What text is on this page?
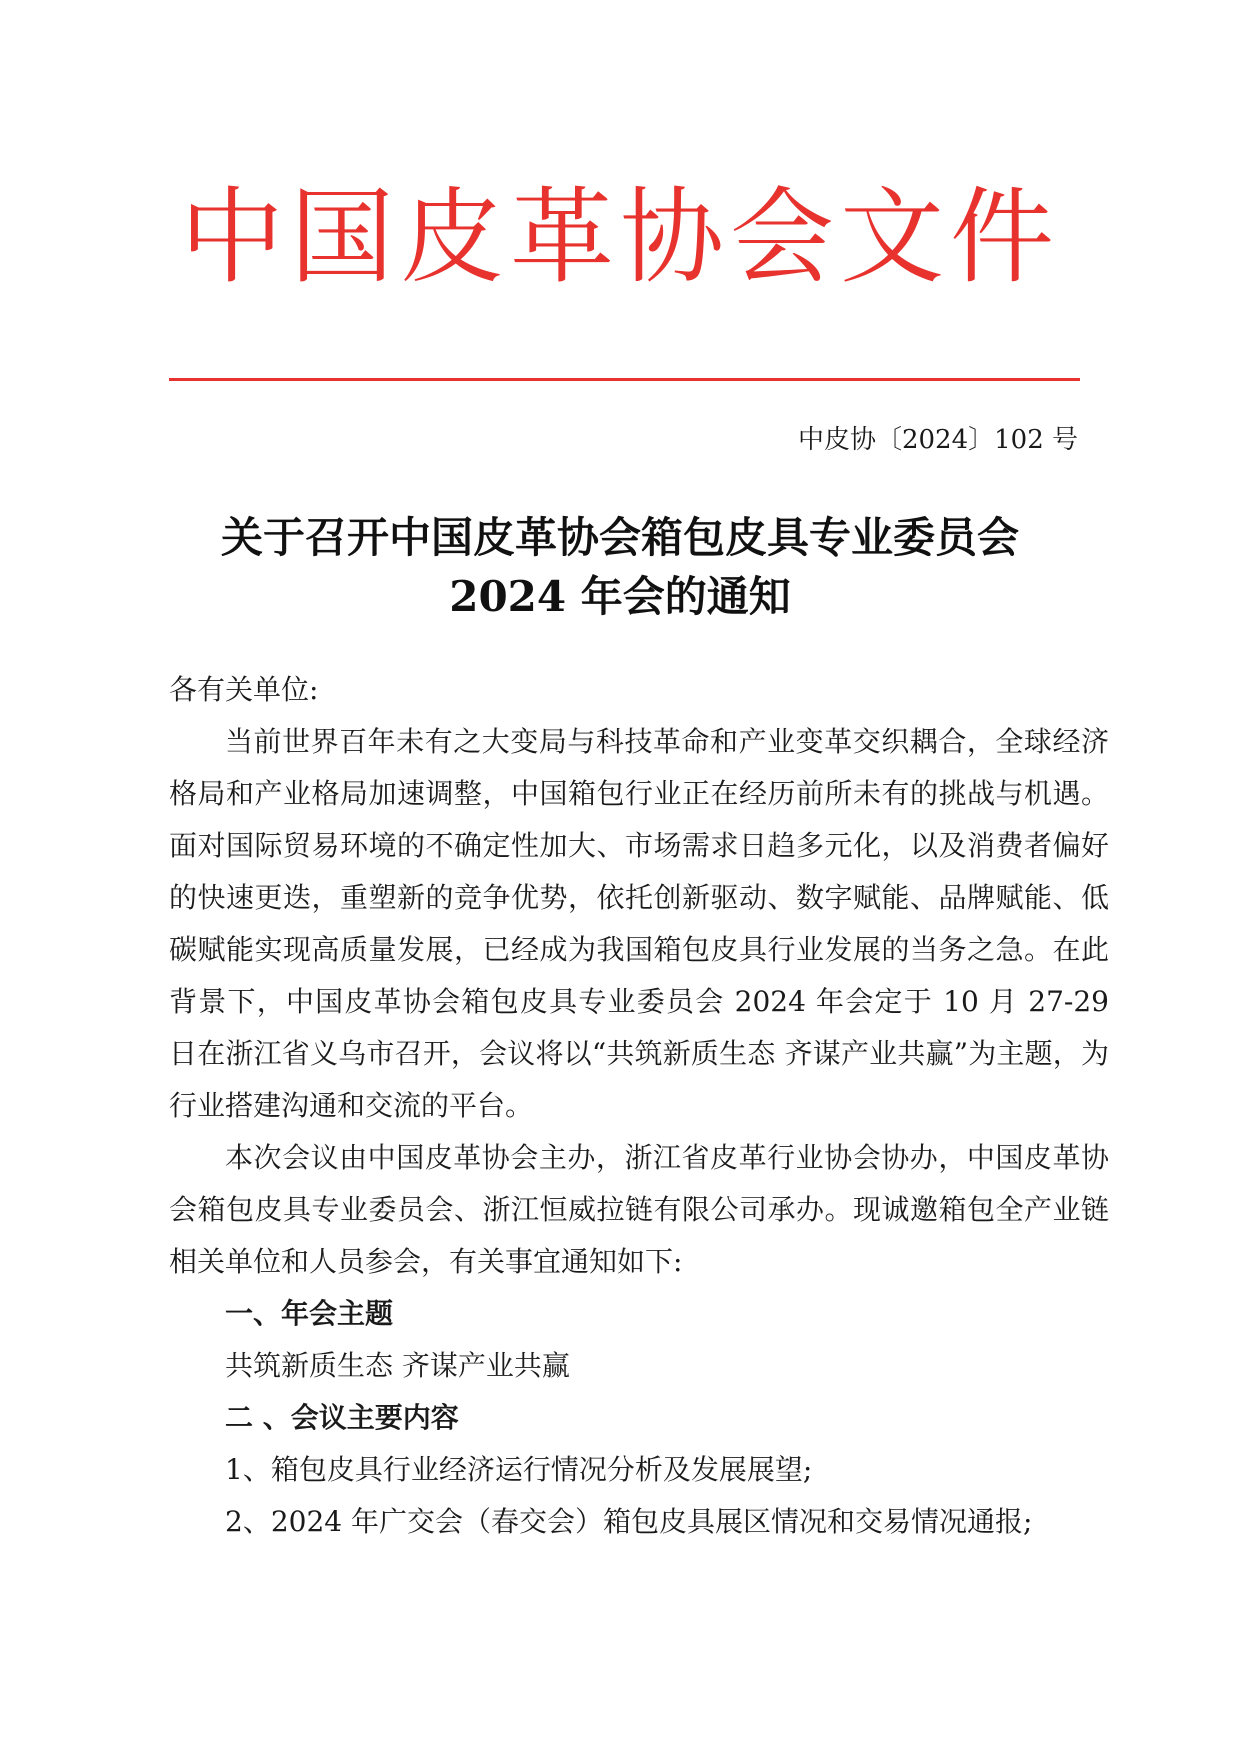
中国皮革协会文件
中皮协〔2024〕102 号
关于召开中国皮革协会箱包皮具专业委员会
2024 年会的通知

各有关单位:

当前世界百年未有之大变局与科技革命和产业变革交织耦合，全球经济格局和产业格局加速调整，中国箱包行业正在经历前所未有的挑战与机遇。面对国际贸易环境的不确定性加大、市场需求日趋多元化，以及消费者偏好的快速更迭，重塑新的竞争优势，依托创新驱动、数字赋能、品牌赋能、低碳赋能实现高质量发展，已经成为我国箱包皮具行业发展的当务之急。在此背景下，中国皮革协会箱包皮具专业委员会 2024 年会定于 10 月 27-29 日在浙江省义乌市召开，会议将以“共筑新质生态 齐谋产业共赢”为主题，为行业搭建沟通和交流的平台。

本次会议由中国皮革协会主办，浙江省皮革行业协会协办，中国皮革协会箱包皮具专业委员会、浙江恒威拉链有限公司承办。现诚邀箱包全产业链相关单位和人员参会，有关事宜通知如下:

一、年会主题

共筑新质生态 齐谋产业共赢

二 、会议主要内容

1、箱包皮具行业经济运行情况分析及发展展望;

2、2024 年广交会（春交会）箱包皮具展区情况和交易情况通报;
